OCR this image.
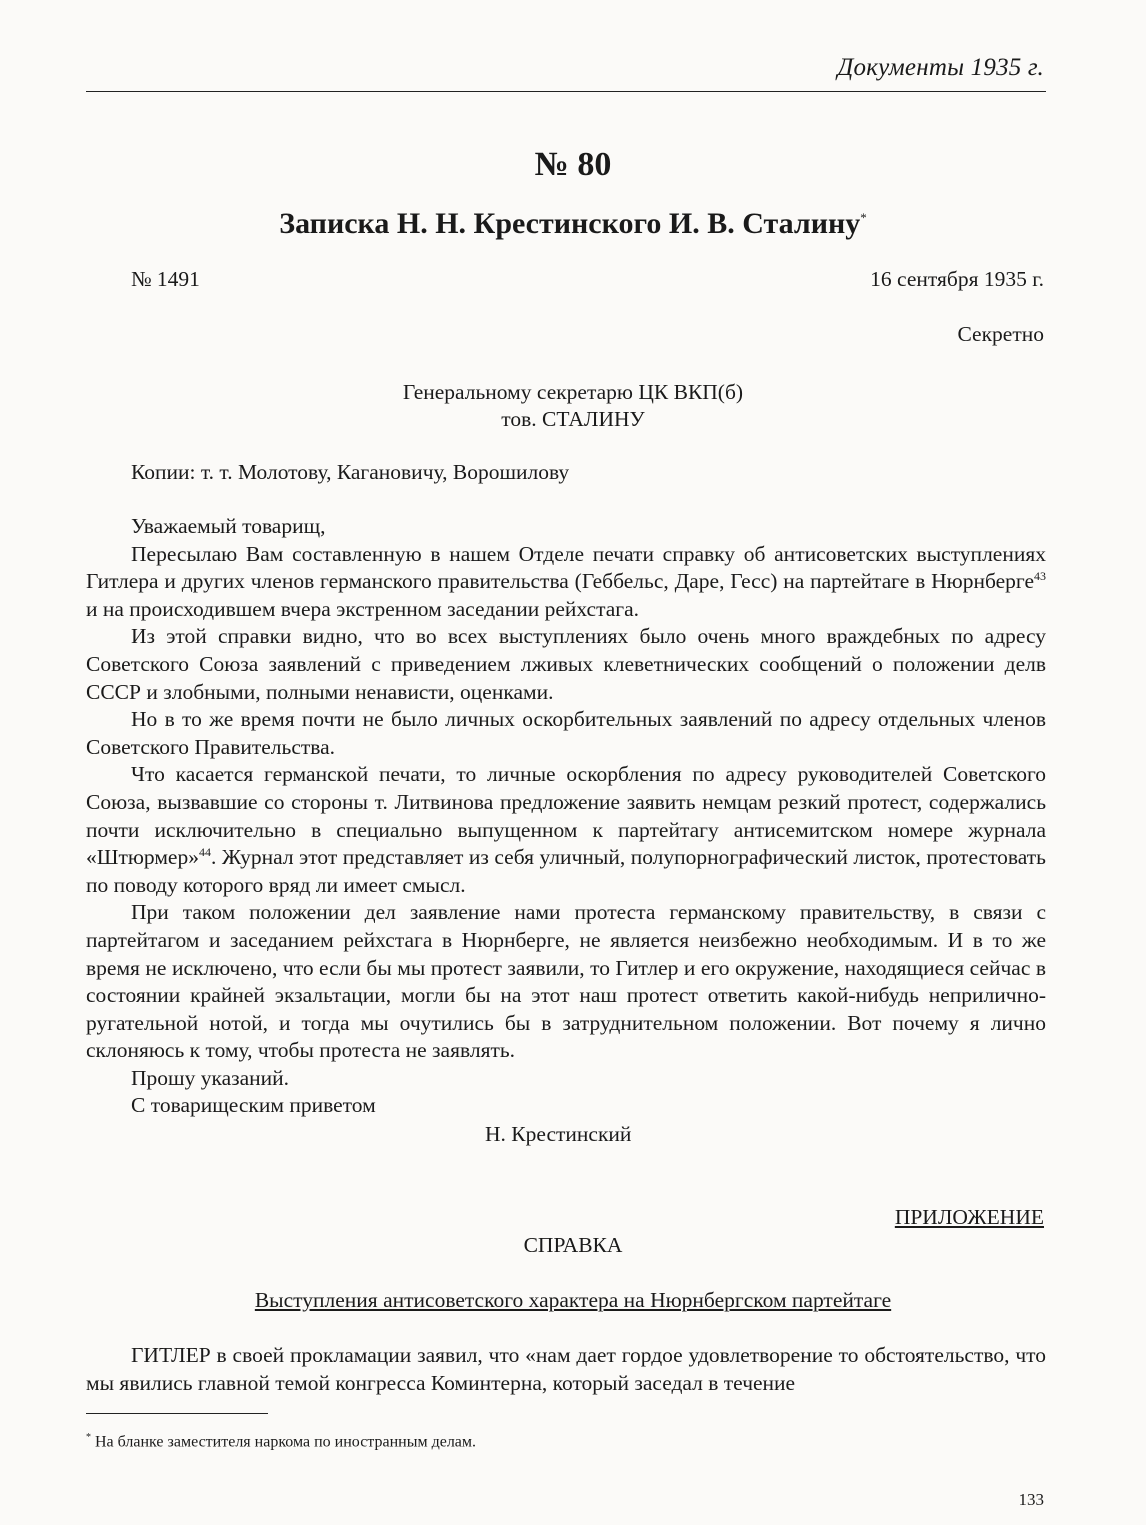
Документы 1935 г.
№ 80
Записка Н. Н. Крестинского И. В. Сталину*
№ 1491	16 сентября 1935 г.
Секретно
Генеральному секретарю ЦК ВКП(б)
тов. СТАЛИНУ
Копии: т. т. Молотову, Кагановичу, Ворошилову

Уважаемый товарищ,

Пересылаю Вам составленную в нашем Отделе печати справку об антисоветских выступлениях Гитлера и других членов германского правительства (Геббельс, Даре, Гесс) на партейтаге в Нюрнберге$^{43}$ и на происходившем вчера экстренном заседании рейхстага.

Из этой справки видно, что во всех выступлениях было очень много враждебных по адресу Советского Союза заявлений с приведением лживых клеветнических сообщений о положении делв СССР и злобными, полными ненависти, оценками.

Но в то же время почти не было личных оскорбительных заявлений по адресу отдельных членов Советского Правительства.

Что касается германской печати, то личные оскорбления по адресу руководителей Советского Союза, вызвавшие со стороны т. Литвинова предложение заявить немцам резкий протест, содержались почти исключительно в специально выпущенном к партейтагу антисемитском номере журнала «Штюрмер»$^{44}$. Журнал этот представляет из себя уличный, полупорнографический листок, протестовать по поводу которого вряд ли имеет смысл.

При таком положении дел заявление нами протеста германскому правительству, в связи с партейтагом и заседанием рейхстага в Нюрнберге, не является неизбежно необходимым. И в то же время не исключено, что если бы мы протест заявили, то Гитлер и его окружение, находящиеся сейчас в состоянии крайней экзальтации, могли бы на этот наш протест ответить какой-нибудь неприлично-ругательной нотой, и тогда мы очутились бы в затруднительном положении. Вот почему я лично склоняюсь к тому, чтобы протеста не заявлять.

Прошу указаний.

С товарищеским приветом

Н. Крестинский
ПРИЛОЖЕНИЕ
СПРАВКА
Выступления антисоветского характера на Нюрнбергском партейтаге

ГИТЛЕР в своей прокламации заявил, что «нам дает гордое удовлетворение то обстоятельство, что мы явились главной темой конгресса Коминтерна, который заседал в течение

* На бланке заместителя наркома по иностранным делам.
133
